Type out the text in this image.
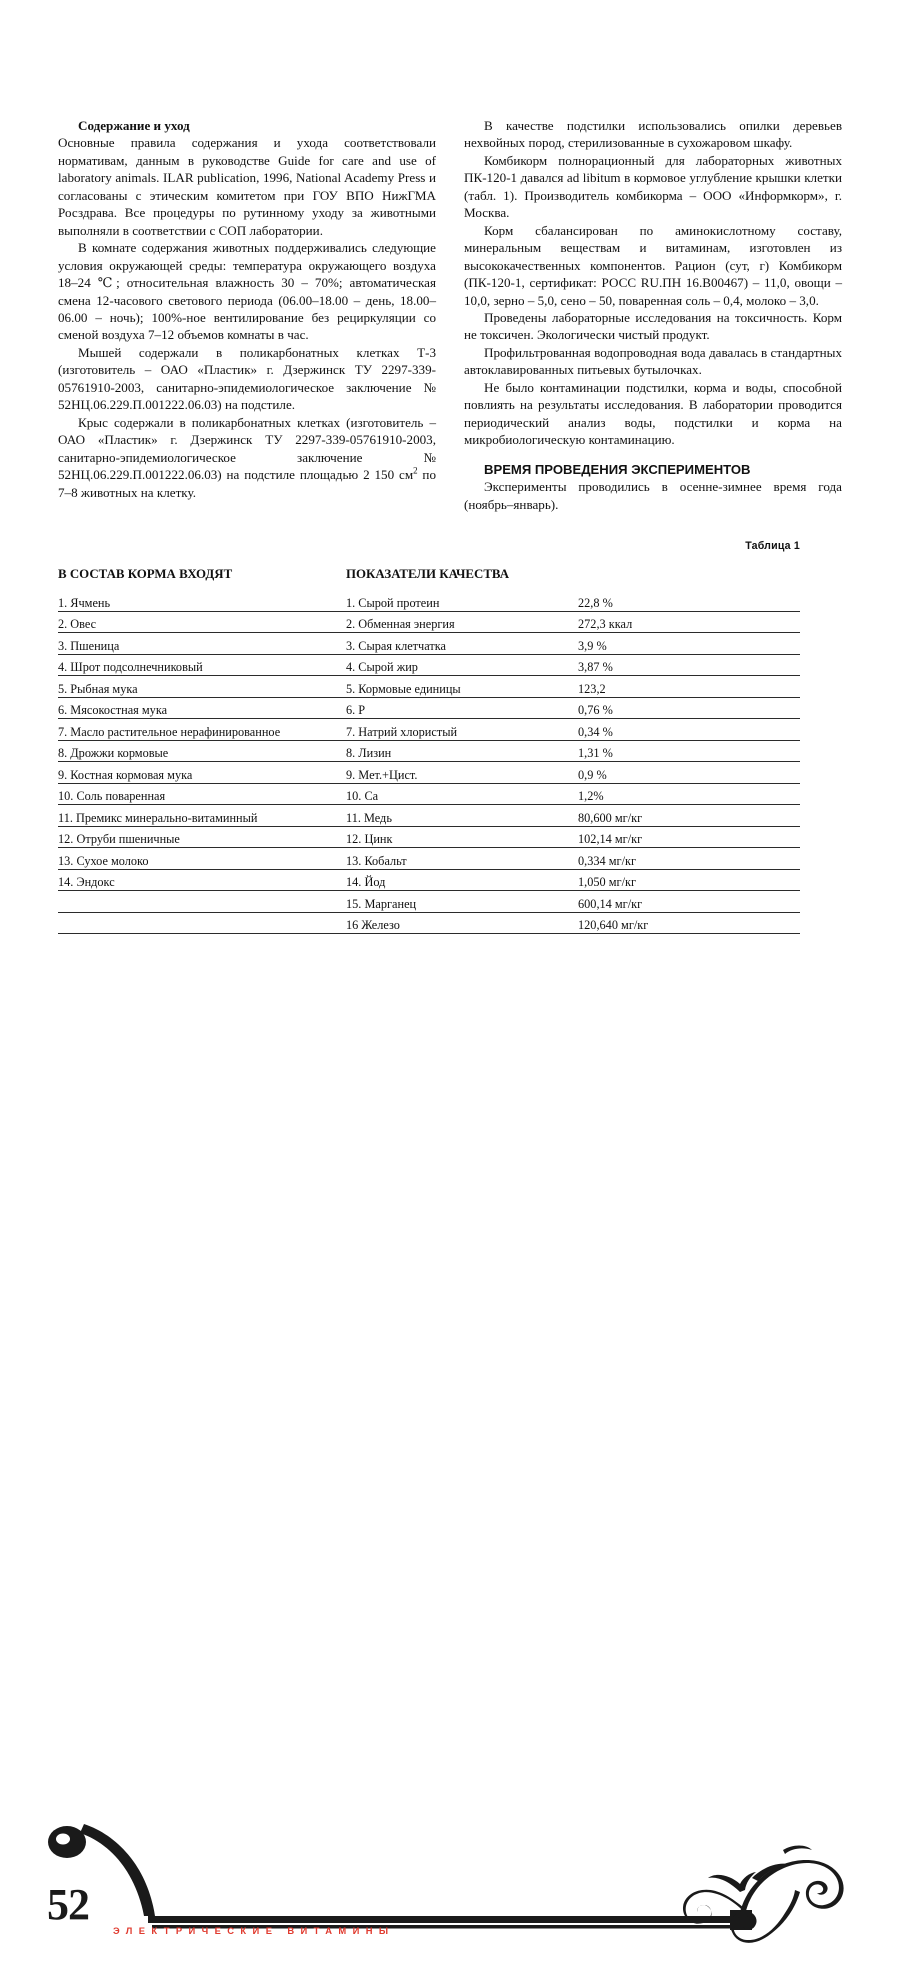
Содержание и уход

Основные правила содержания и ухода соответствовали нормативам, данным в руководстве Guide for care and use of laboratory animals. ILAR publication, 1996, National Academy Press и согласованы с этическим комитетом при ГОУ ВПО НижГМА Росздрава. Все процедуры по рутинному уходу за животными выполняли в соответствии с СОП лаборатории.

В комнате содержания животных поддерживались следующие условия окружающей среды: температура окружающего воздуха 18–24 ℃; относительная влажность 30 – 70%; автоматическая смена 12-часового светового периода (06.00–18.00 – день, 18.00–06.00 – ночь); 100%-ное вентилирование без рециркуляции со сменой воздуха 7–12 объемов комнаты в час.

Мышей содержали в поликарбонатных клетках Т-3 (изготовитель – ОАО «Пластик» г. Дзержинск ТУ 2297-339-05761910-2003, санитарно-эпидемиологическое заключение № 52НЦ.06.229.П.001222.06.03) на подстиле.

Крыс содержали в поликарбонатных клетках (изготовитель – ОАО «Пластик» г. Дзержинск ТУ 2297-339-05761910-2003, санитарно-эпидемиологическое заключение № 52НЦ.06.229.П.001222.06.03) на подстиле площадью 2 150 $см^2$ по 7–8 животных на клетку.

В качестве подстилки использовались опилки деревьев нехвойных пород, стерилизованные в сухожаровом шкафу.

Комбикорм полнорационный для лабораторных животных ПК-120-1 давался ad libitum в кормовое углубление крышки клетки (табл. 1). Производитель комбикорма – ООО «Информкорм», г. Москва.

Корм сбалансирован по аминокислотному составу, минеральным веществам и витаминам, изготовлен из высококачественных компонентов. Рацион (сут, г) Комбикорм (ПК-120-1, сертификат: РОСС RU.ПН 16.В00467) – 11,0, овощи – 10,0, зерно – 5,0, сено – 50, поваренная соль – 0,4, молоко – 3,0.

Проведены лабораторные исследования на токсичность. Корм не токсичен. Экологически чистый продукт.

Профильтрованная водопроводная вода давалась в стандартных автоклавированных питьевых бутылочках.

Не было контаминации подстилки, корма и воды, способной повлиять на результаты исследования. В лаборатории проводится периодический анализ воды, подстилки и корма на микробиологическую контаминацию.

ВРЕМЯ ПРОВЕДЕНИЯ ЭКСПЕРИМЕНТОВ

Эксперименты проводились в осенне-зимнее время года (ноябрь–январь).

Таблица 1
В СОСТАВ КОРМА ВХОДЯТ	ПОКАЗАТЕЛИ КАЧЕСТВА	
1. Ячмень	1. Сырой протеин	22,8 %
2. Овес	2. Обменная энергия	272,3 ккал
3. Пшеница	3. Сырая клетчатка	3,9 %
4. Шрот подсолнечниковый	4. Сырой жир	3,87 %
5. Рыбная мука	5. Кормовые единицы	123,2
6. Мясокостная мука	6. Р	0,76 %
7. Масло растительное нерафинированное	7. Натрий хлористый	0,34 %
8. Дрожжи кормовые	8. Лизин	1,31 %
9. Костная кормовая мука	9. Мет.+Цист.	0,9 %
10. Соль поваренная	10. Са	1,2%
11. Премикс минерально-витаминный	11. Медь	80,600 мг/кг
12. Отруби пшеничные	12. Цинк	102,14 мг/кг
13. Сухое молоко	13. Кобальт	0,334 мг/кг
14. Эндокс	14. Йод	1,050 мг/кг
	15. Марганец	600,14 мг/кг
	16 Железо	120,640 мг/кг
52
ЭЛЕКТРИЧЕСКИЕ ВИТАМИНЫ
